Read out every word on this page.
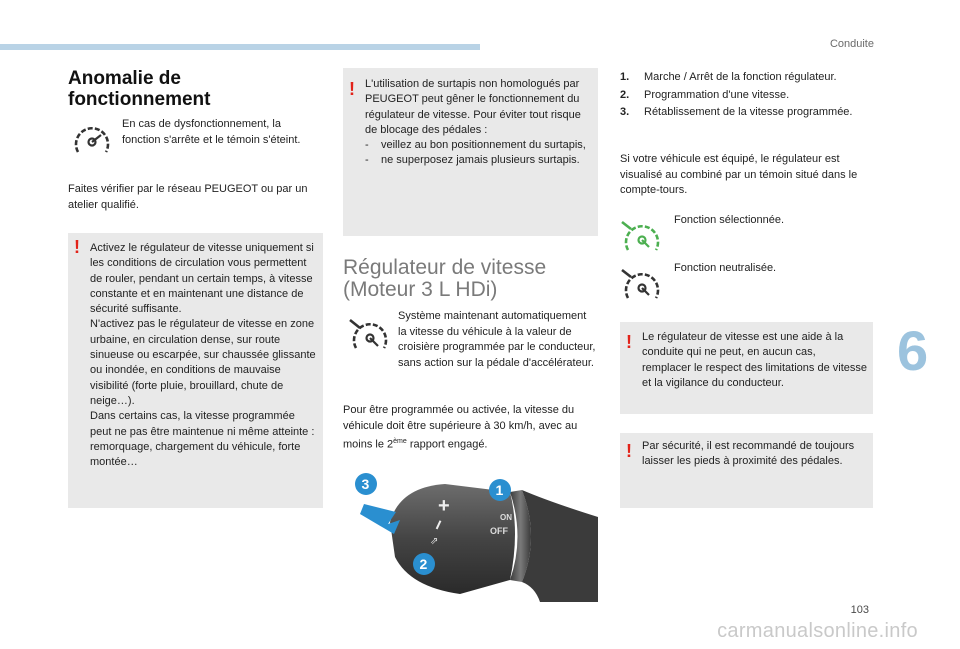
Conduite
6
Anomalie de
fonctionnement
En cas de dysfonctionnement, la fonction s'arrête et le témoin s'éteint.
Faites vérifier par le réseau PEUGEOT ou par un atelier qualifié.
! Activez le régulateur de vitesse uniquement si les conditions de circulation vous permettent de rouler, pendant un certain temps, à vitesse constante et en maintenant une distance de sécurité suffisante.
N'activez pas le régulateur de vitesse en zone urbaine, en circulation dense, sur route sinueuse ou escarpée, sur chaussée glissante ou inondée, en conditions de mauvaise visibilité (forte pluie, brouillard, chute de neige…).
Dans certains cas, la vitesse programmée peut ne pas être maintenue ni même atteinte : remorquage, chargement du véhicule, forte montée…
! L'utilisation de surtapis non homologués par PEUGEOT peut gêner le fonctionnement du régulateur de vitesse. Pour éviter tout risque de blocage des pédales :
- veillez au bon positionnement du surtapis,
- ne superposez jamais plusieurs surtapis.
Régulateur de vitesse
(Moteur 3 L HDi)
Système maintenant automatiquement la vitesse du véhicule à la valeur de croisière programmée par le conducteur, sans action sur la pédale d'accélérateur.
Pour être programmée ou activée, la vitesse du véhicule doit être supérieure à 30 km/h, avec au moins le 2ème rapport engagé.
+
−
⇗
ON
OFF
3	1
2
1. Marche / Arrêt de la fonction régulateur.
2. Programmation d'une vitesse.
3. Rétablissement de la vitesse programmée.
Si votre véhicule est équipé, le régulateur est visualisé au combiné par un témoin situé dans le compte-tours.
Fonction sélectionnée.
Fonction neutralisée.
! Le régulateur de vitesse est une aide à la conduite qui ne peut, en aucun cas, remplacer le respect des limitations de vitesse et la vigilance du conducteur.
! Par sécurité, il est recommandé de toujours laisser les pieds à proximité des pédales.
103
carmanualsonline.info
